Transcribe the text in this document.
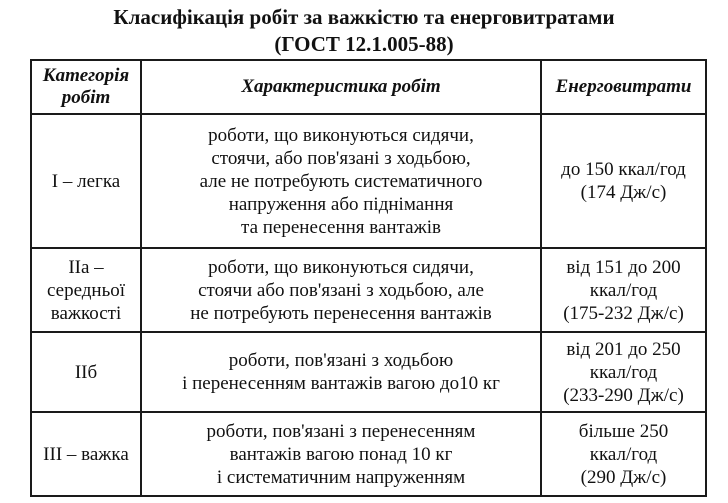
Класифікація робіт за важкістю та енерговитратами
(ГОСТ 12.1.005-88)
Категорія
робіт	Характеристика робіт	Енерговитрати

І – легка	роботи, що виконуються сидячи,
стоячи, або пов'язані з ходьбою,
але не потребують систематичного
напруження або піднімання
та перенесення вантажів	до 150 ккал/год
(174 Дж/с)

ІІа –
середньої
важкості	роботи, що виконуються сидячи,
стоячи або пов'язані з ходьбою, але
не потребують перенесення вантажів	від 151 до 200
ккал/год
(175-232 Дж/с)

ІІб	роботи, пов'язані з ходьбою
і перенесенням вантажів вагою до10 кг	від 201 до 250
ккал/год
(233-290 Дж/с)

ІІІ – важка	роботи, пов'язані з перенесенням
вантажів вагою понад 10 кг
і систематичним напруженням	більше 250
ккал/год
(290 Дж/с)
